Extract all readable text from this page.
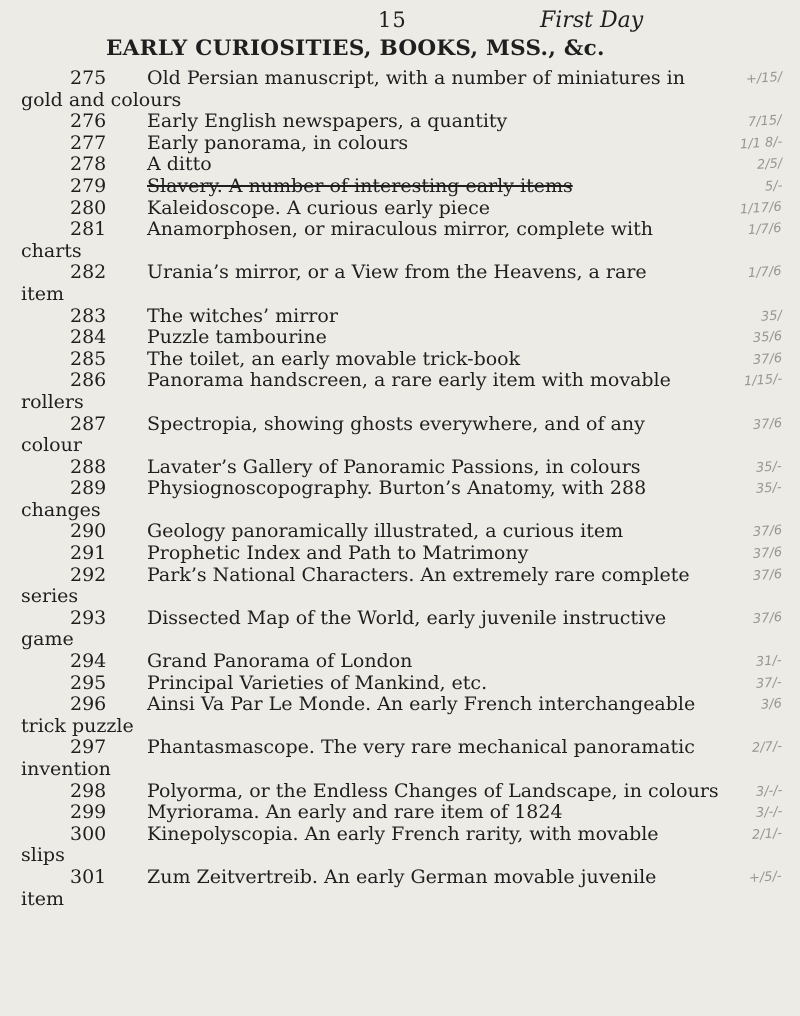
15	First Day
EARLY CURIOSITIES, BOOKS, MSS., &c.
275	Old Persian manuscript, with a number of miniatures in
gold and colours
+/15/
276	Early English newspapers, a quantity	7/15/
277	Early panorama, in colours	1/1 8/-
278	A ditto	2/5/
279	Slavery. A number of interesting early items	5/-
280	Kaleidoscope. A curious early piece	1/17/6
281	Anamorphosen, or miraculous mirror, complete with
charts
1/7/6
282	Urania’s mirror, or a View from the Heavens, a rare
item
1/7/6
283	The witches’ mirror	35/
284	Puzzle tambourine	35/6
285	The toilet, an early movable trick-book	37/6
286	Panorama handscreen, a rare early item with movable
rollers
1/15/-
287	Spectropia, showing ghosts everywhere, and of any
colour
37/6
288	Lavater’s Gallery of Panoramic Passions, in colours	35/-
289	Physiognoscopography. Burton’s Anatomy, with 288
changes
35/-
290	Geology panoramically illustrated, a curious item	37/6
291	Prophetic Index and Path to Matrimony	37/6
292	Park’s National Characters. An extremely rare complete
series
37/6
293	Dissected Map of the World, early juvenile instructive
game
37/6
294	Grand Panorama of London	31/-
295	Principal Varieties of Mankind, etc.	37/-
296	Ainsi Va Par Le Monde. An early French interchangeable
trick puzzle
3/6
297	Phantasmascope. The very rare mechanical panoramatic
invention
2/7/-
298	Polyorma, or the Endless Changes of Landscape, in colours	3/-/-
299	Myriorama. An early and rare item of 1824	3/-/-
300	Kinepolyscopia. An early French rarity, with movable
slips
2/1/-
301	Zum Zeitvertreib. An early German movable juvenile
item
+/5/-
